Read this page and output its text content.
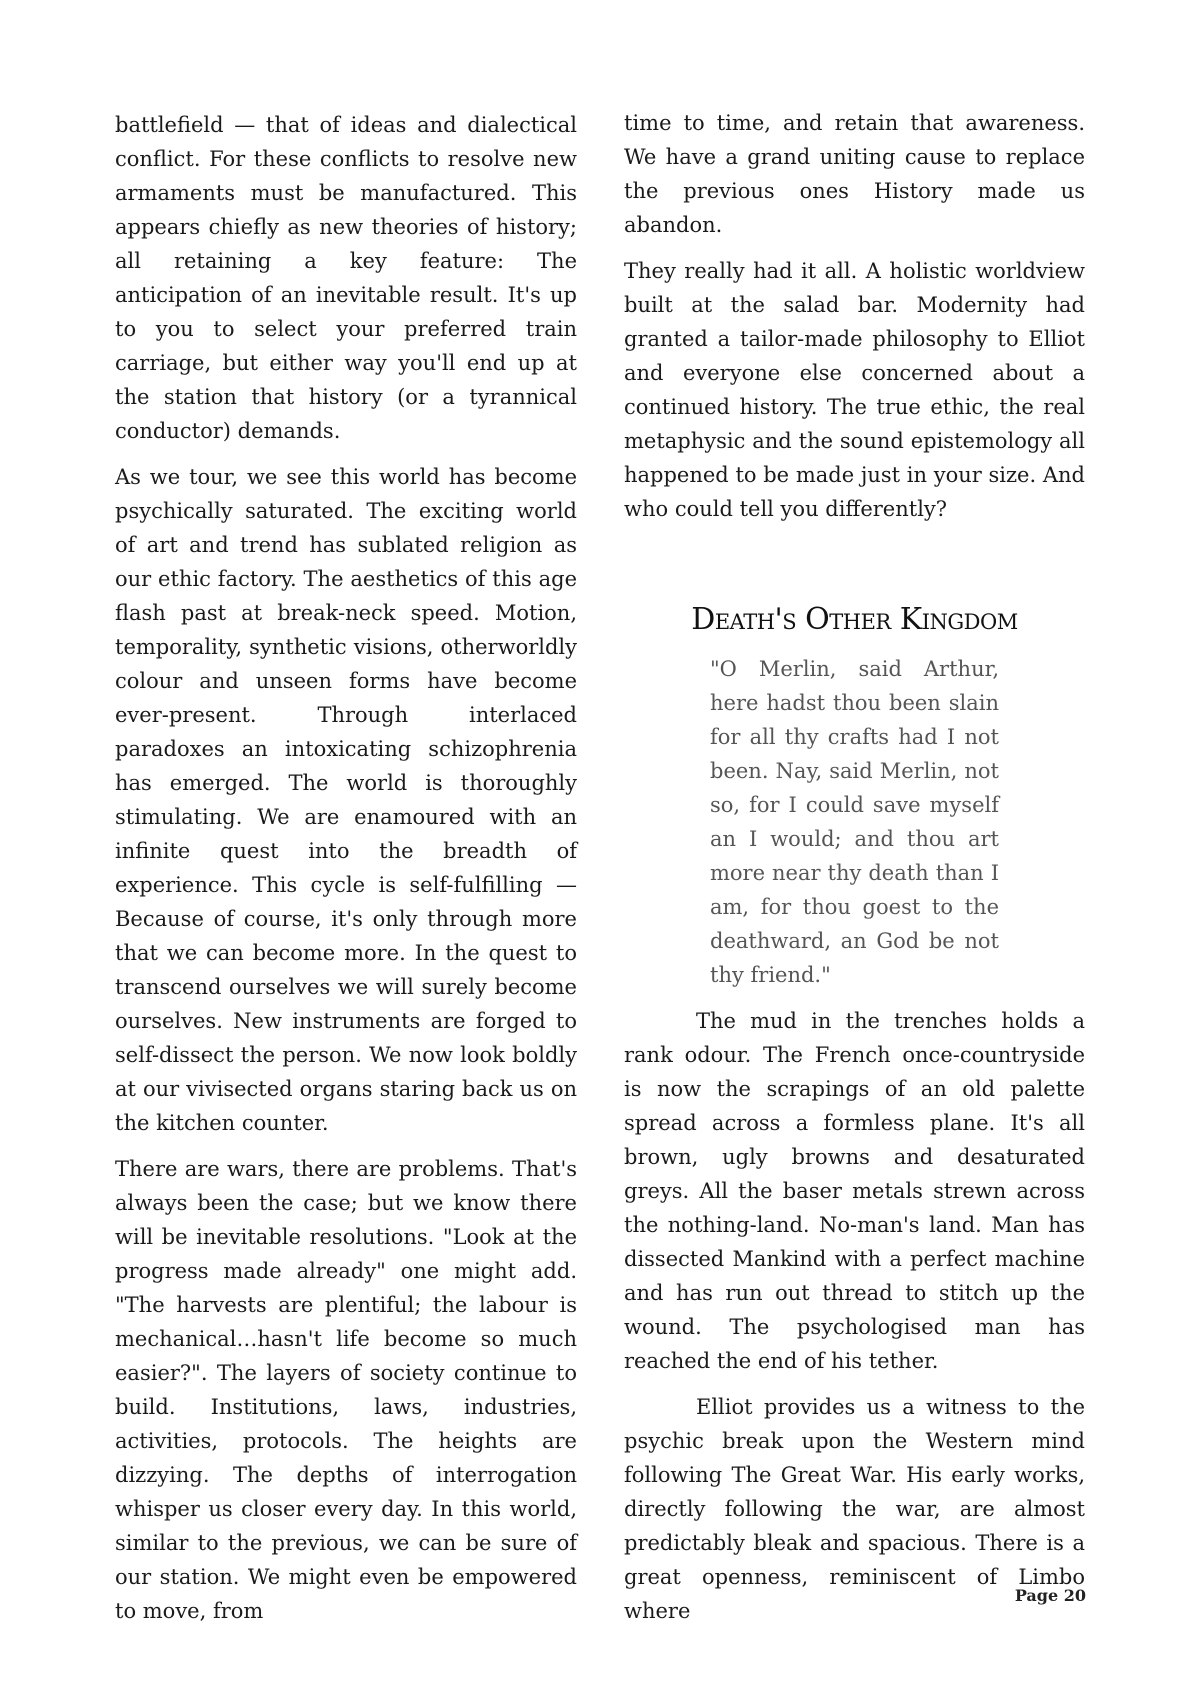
battlefield — that of ideas and dialectical conflict. For these conflicts to resolve new armaments must be manufactured. This appears chiefly as new theories of history; all retaining a key feature: The anticipation of an inevitable result. It's up to you to select your preferred train carriage, but either way you'll end up at the station that history (or a tyrannical conductor) demands.

As we tour, we see this world has become psychically saturated. The exciting world of art and trend has sublated religion as our ethic factory. The aesthetics of this age flash past at break-neck speed. Motion, temporality, synthetic visions, otherworldly colour and unseen forms have become ever-present. Through interlaced paradoxes an intoxicating schizophrenia has emerged. The world is thoroughly stimulating. We are enamoured with an infinite quest into the breadth of experience. This cycle is self-fulfilling — Because of course, it's only through more that we can become more. In the quest to transcend ourselves we will surely become ourselves. New instruments are forged to self-dissect the person. We now look boldly at our vivisected organs staring back us on the kitchen counter.

There are wars, there are problems. That's always been the case; but we know there will be inevitable resolutions. "Look at the progress made already" one might add. "The harvests are plentiful; the labour is mechanical…hasn't life become so much easier?". The layers of society continue to build. Institutions, laws, industries, activities, protocols. The heights are dizzying. The depths of interrogation whisper us closer every day. In this world, similar to the previous, we can be sure of our station. We might even be empowered to move, from

time to time, and retain that awareness. We have a grand uniting cause to replace the previous ones History made us abandon.

They really had it all. A holistic worldview built at the salad bar. Modernity had granted a tailor-made philosophy to Elliot and everyone else concerned about a continued history. The true ethic, the real metaphysic and the sound epistemology all happened to be made just in your size. And who could tell you differently?

Death's Other Kingdom

"O Merlin, said Arthur, here hadst thou been slain for all thy crafts had I not been. Nay, said Merlin, not so, for I could save myself an I would; and thou art more near thy death than I am, for thou goest to the deathward, an God be not thy friend."

The mud in the trenches holds a rank odour. The French once-countryside is now the scrapings of an old palette spread across a formless plane. It's all brown, ugly browns and desaturated greys. All the baser metals strewn across the nothing-land. No-man's land. Man has dissected Mankind with a perfect machine and has run out thread to stitch up the wound. The psychologised man has reached the end of his tether.

Elliot provides us a witness to the psychic break upon the Western mind following The Great War. His early works, directly following the war, are almost predictably bleak and spacious. There is a great openness, reminiscent of Limbo where

Page 20
